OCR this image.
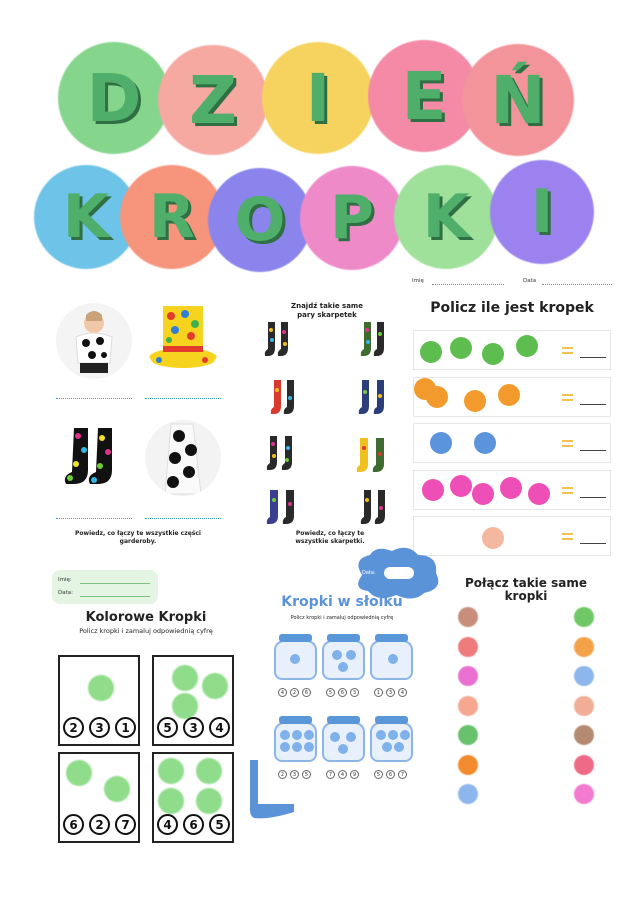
D Z	I	E Ń
K R O P K	I
Imię	Data
Powiedz, co łączy te wszystkie części garderoby.
Znajdź takie same pary skarpetek
Powiedz, co łączy te wszystkie skarpetki.
Policz ile jest kropek
Imię:
Data:
Kolorowe Kropki
Policz kropki i zamaluj odpowiednią cyfrę
2	3	1	5	3	4
6	2	7	4	6	5
Data:
Kropki w słoiku
Policz kropki i zamaluj odpowiednią cyfrę
4	2	6	5	6	3	1	3	4
2	3	5	7	4	9	5	6	7
Połącz takie same kropki
